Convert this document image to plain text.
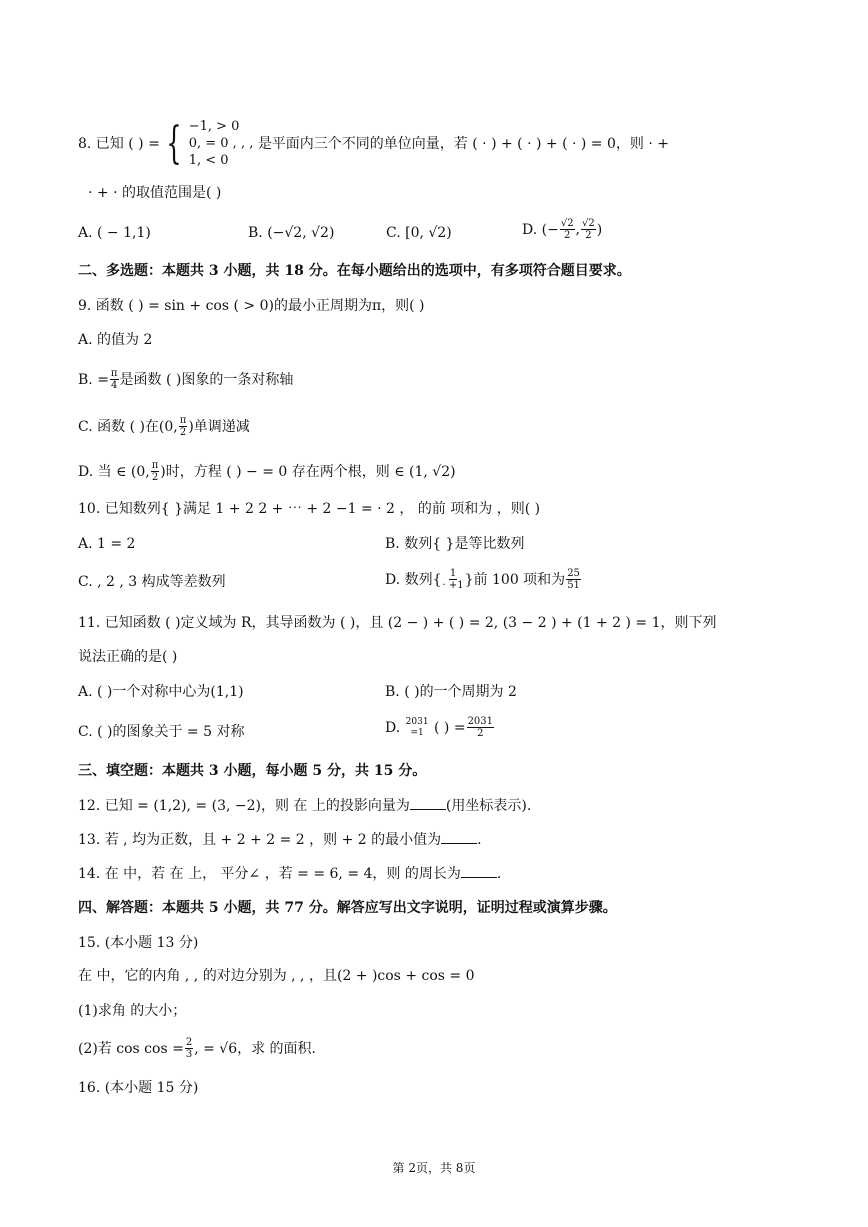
8. 已知 ( ) = { −1, > 0
0, = 0 , , ,
1, < 0
是平面内三个不同的单位向量，若 ( · ) + ( · ) + ( · ) = 0，则 · +
· + · 的取值范围是( )
A. ( − 1,1)	B. (−√2, √2)	C. [0, √2)	D. (− $\frac{√2}{2}$ , $\frac{√2}{2}$ )
二、多选题：本题共 3 小题，共 18 分。在每小题给出的选项中，有多项符合题目要求。
9. 函数 ( ) = sin + cos ( > 0)的最小正周期为π，则( )
A. 的值为 2
B. = $\frac{\pi}{4}$ 是函数 ( )图象的一条对称轴
C. 函数 ( )在(0, $\frac{\pi}{2}$ )单调递减
D. 当 ∈ (0, $\frac{\pi}{2}$ )时，方程 ( ) − = 0 存在两个根，则 ∈ (1, √2)
10. 已知数列{ }满足 1 + 2 2 + ⋯ + 2 −1 = · 2 ， 的前 项和为 ，则( )
A. 1 = 2	B. 数列{ }是等比数列
C. , 2 , 3 构成等差数列	D. 数列{ $\frac{1}{\cdot +1}$ }前 100 项和为 $\frac{25}{51}$
11. 已知函数 ( )定义域为 R，其导函数为 ( )，且 (2 − ) + ( ) = 2, (3 − 2 ) + (1 + 2 ) = 1，则下列
说法正确的是( )
A. ( )一个对称中心为(1,1)	B. ( )的一个周期为 2
C. ( )的图象关于 = 5 对称	D. 2031
=1 ( ) = $\frac{2031}{2}$
三、填空题：本题共 3 小题，每小题 5 分，共 15 分。
12. 已知 = (1,2), = (3, −2)，则 在 上的投影向量为	(用坐标表示).
13. 若 , 均为正数，且 + 2 + 2 = 2 ，则 + 2 的最小值为	.
14. 在 中，若 在 上， 平分∠ ，若 = = 6, = 4，则 的周长为	.
四、解答题：本题共 5 小题，共 77 分。解答应写出文字说明，证明过程或演算步骤。
15. (本小题 13 分)
在 中，它的内角 , , 的对边分别为 , , ，且(2 + )cos + cos = 0
(1)求角 的大小；
(2)若 $\cos \cos = \frac{2}{3}$ , = √6，求 的面积.
16. (本小题 15 分)
第 2页，共 8页
